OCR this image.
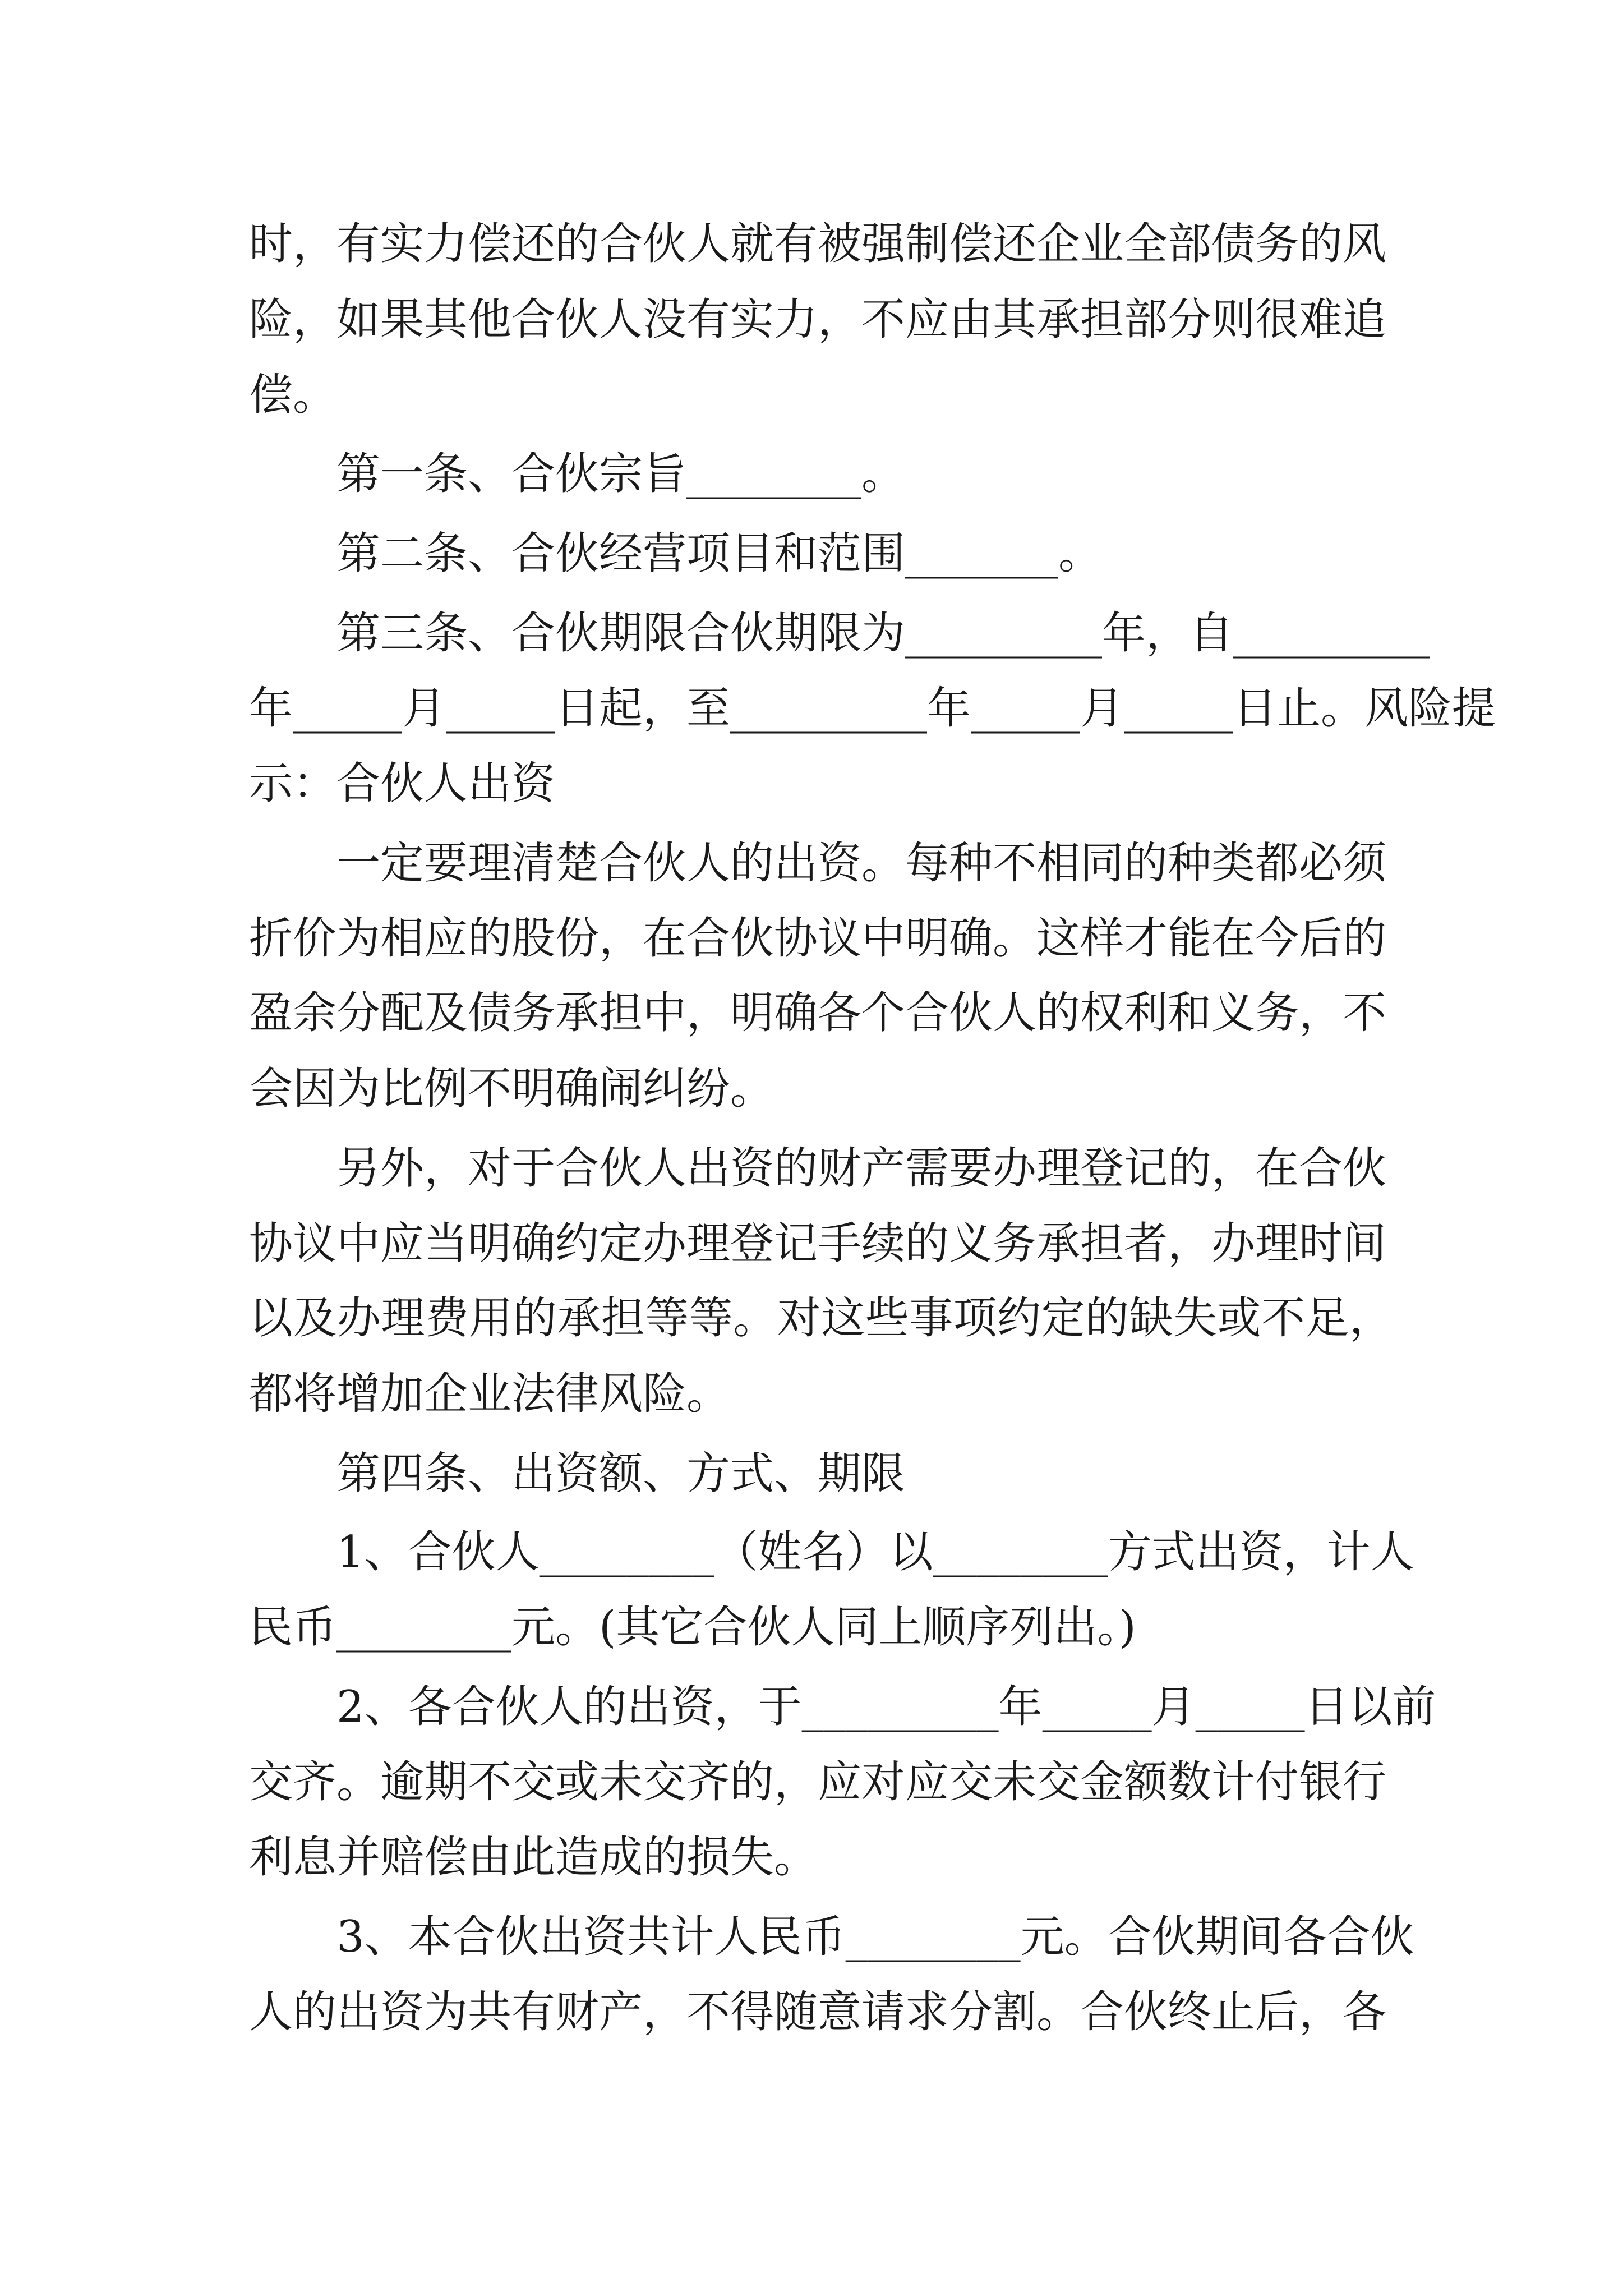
时，有实力偿还的合伙人就有被强制偿还企业全部债务的风

险，如果其他合伙人没有实力，不应由其承担部分则很难追

偿。

第一条、合伙宗旨________。

第二条、合伙经营项目和范围_______。

第三条、合伙期限合伙期限为_________年，自_________

年_____月_____日起，至_________年_____月_____日止。风险提

示：合伙人出资

一定要理清楚合伙人的出资。每种不相同的种类都必须

折价为相应的股份，在合伙协议中明确。这样才能在今后的

盈余分配及债务承担中，明确各个合伙人的权利和义务，不

会因为比例不明确闹纠纷。

另外，对于合伙人出资的财产需要办理登记的，在合伙

协议中应当明确约定办理登记手续的义务承担者，办理时间

以及办理费用的承担等等。对这些事项约定的缺失或不足，

都将增加企业法律风险。

第四条、出资额、方式、期限

1、合伙人________（姓名）以________方式出资，计人

民币________元。(其它合伙人同上顺序列出。)

2、各合伙人的出资，于_________年_____月_____日以前

交齐。逾期不交或未交齐的，应对应交未交金额数计付银行

利息并赔偿由此造成的损失。

3、本合伙出资共计人民币________元。合伙期间各合伙

人的出资为共有财产，不得随意请求分割。合伙终止后，各
